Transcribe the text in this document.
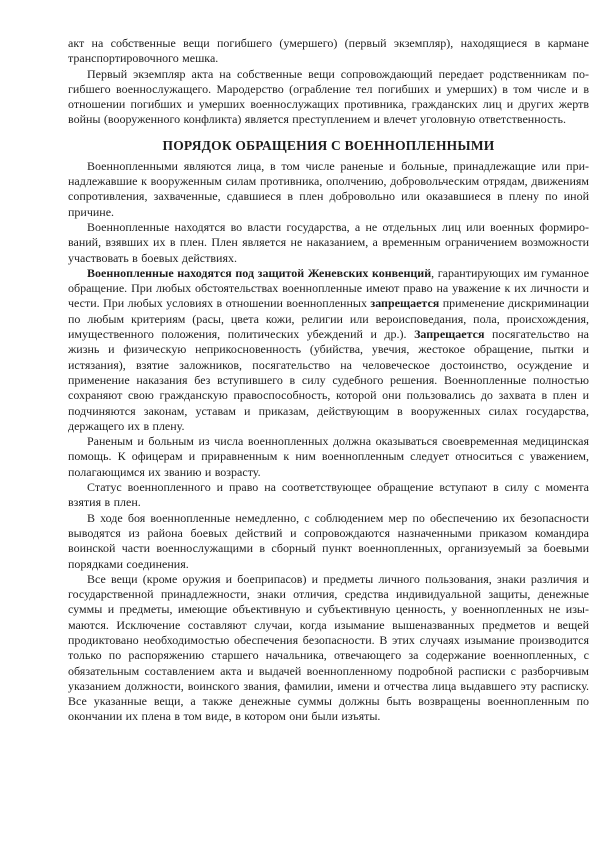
акт на собственные вещи погибшего (умершего) (первый экземпляр), находящиеся в кармане транспортировочного мешка.

Первый экземпляр акта на собственные вещи сопровождающий передает родственникам погибшего военнослужащего. Мародерство (ограбление тел погибших и умерших) в том числе и в отношении погибших и умерших военнослужащих противника, гражданских лиц и других жертв войны (вооруженного конфликта) является преступлением и влечет уголовную ответственность.

ПОРЯДОК ОБРАЩЕНИЯ С ВОЕННОПЛЕННЫМИ

Военнопленными являются лица, в том числе раненые и больные, принадлежащие или принадлежавшие к вооруженным силам противника, ополчению, добровольческим отрядам, движениям сопротивления, захваченные, сдавшиеся в плен добровольно или оказавшиеся в плену по иной причине.

Военнопленные находятся во власти государства, а не отдельных лиц или военных формирований, взявших их в плен. Плен является не наказанием, а временным ограничением возможности участвовать в боевых действиях.

Военнопленные находятся под защитой Женевских конвенций, гарантирующих им гуманное обращение. При любых обстоятельствах военнопленные имеют право на уважение к их личности и чести. При любых условиях в отношении военнопленных запрещается применение дискриминации по любым критериям (расы, цвета кожи, религии или вероисповедания, пола, происхождения, имущественного положения, политических убеждений и др.). Запрещается посягательство на жизнь и физическую неприкосновенность (убийства, увечия, жестокое обращение, пытки и истязания), взятие заложников, посягательство на человеческое достоинство, осуждение и применение наказания без вступившего в силу судебного решения. Военнопленные полностью сохраняют свою гражданскую правоспособность, которой они пользовались до захвата в плен и подчиняются законам, уставам и приказам, действующим в вооруженных силах государства, держащего их в плену.

Раненым и больным из числа военнопленных должна оказываться своевременная медицинская помощь. К офицерам и приравненным к ним военнопленным следует относиться с уважением, полагающимся их званию и возрасту.

Статус военнопленного и право на соответствующее обращение вступают в силу с момента взятия в плен.

В ходе боя военнопленные немедленно, с соблюдением мер по обеспечению их безопасности выводятся из района боевых действий и сопровождаются назначенными приказом командира воинской части военнослужащими в сборный пункт военнопленных, организуемый за боевыми порядками соединения.

Все вещи (кроме оружия и боеприпасов) и предметы личного пользования, знаки различия и государственной принадлежности, знаки отличия, средства индивидуальной защиты, денежные суммы и предметы, имеющие объективную и субъективную ценность, у военнопленных не изымаются. Исключение составляют случаи, когда изымание вышеназванных предметов и вещей продиктовано необходимостью обеспечения безопасности. В этих случаях изымание производится только по распоряжению старшего начальника, отвечающего за содержание военнопленных, с обязательным составлением акта и выдачей военнопленному подробной расписки с разборчивым указанием должности, воинского звания, фамилии, имени и отчества лица выдавшего эту расписку. Все указанные вещи, а также денежные суммы должны быть возвращены военнопленным по окончании их плена в том виде, в котором они были изъяты.
